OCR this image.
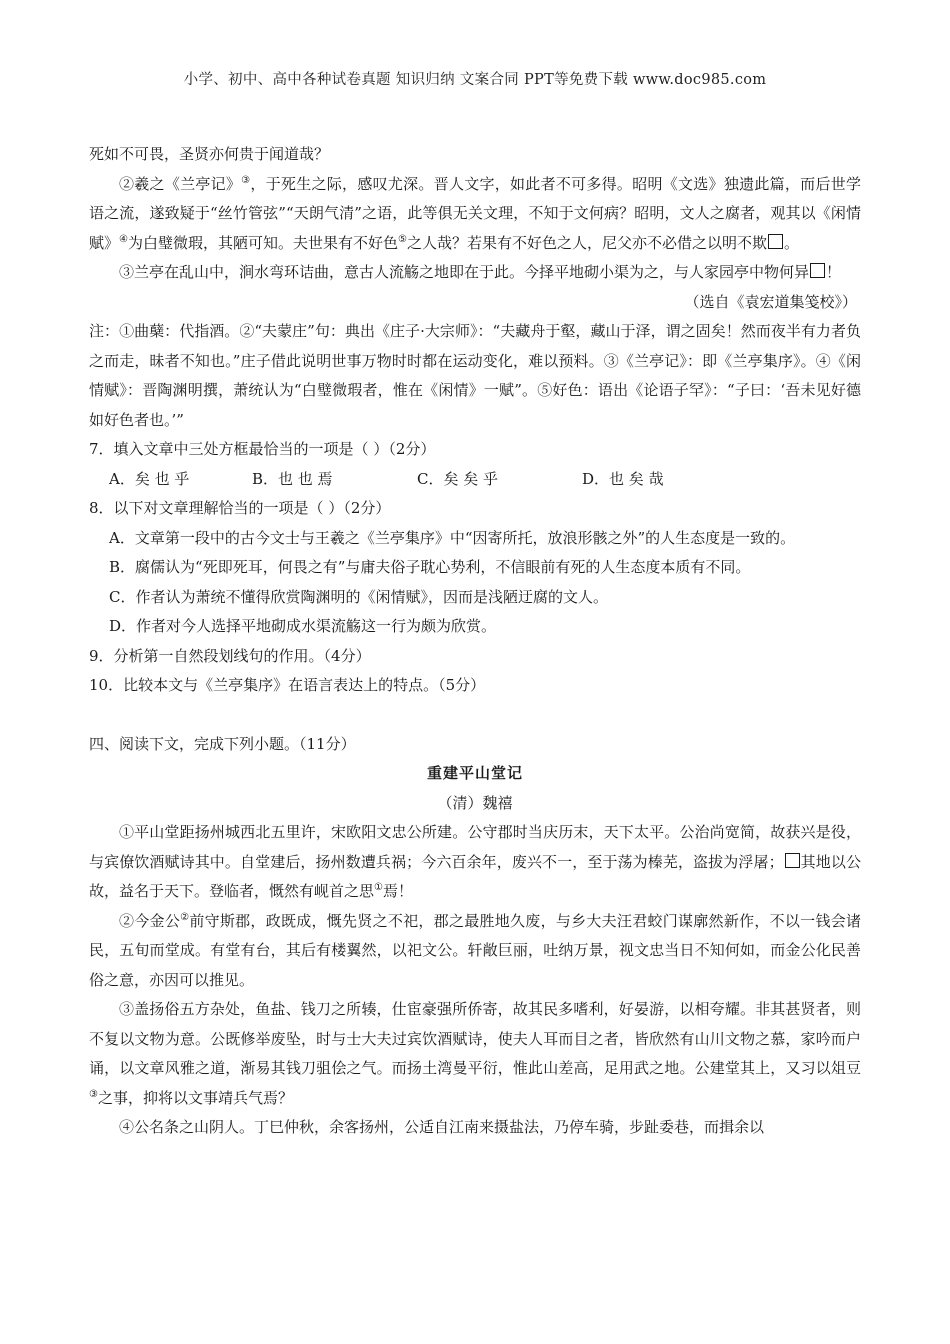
小学、初中、高中各种试卷真题 知识归纳 文案合同 PPT等免费下载 www.doc985.com

死如不可畏，圣贤亦何贵于闻道哉？

②羲之《兰亭记》③，于死生之际，感叹尤深。晋人文字，如此者不可多得。昭明《文选》独遗此篇，而后世学语之流，遂致疑于“丝竹管弦”“天朗气清”之语，此等俱无关文理，不知于文何病？昭明，文人之腐者，观其以《闲情赋》④为白璧微瑕，其陋可知。夫世果有不好色⑤之人哉？若果有不好色之人，尼父亦不必借之以明不欺 。

③兰亭在乱山中，涧水弯环诘曲，意古人流觞之地即在于此。今择平地砌小渠为之，与人家园亭中物何异 ！

（选自《袁宏道集笺校》）

注：①曲蘖：代指酒。②“夫蒙庄”句：典出《庄子·大宗师》：“夫藏舟于壑，藏山于泽，谓之固矣！然而夜半有力者负之而走，昧者不知也。”庄子借此说明世事万物时时都在运动变化，难以预料。③《兰亭记》：即《兰亭集序》。④《闲情赋》：晋陶渊明撰，萧统认为“白璧微瑕者，惟在《闲情》一赋”。⑤好色：语出《论语子罕》：“子曰：‘吾未见好德如好色者也。’”

7．填入文章中三处方框最恰当的一项是（ ）（2分）

A．矣 也 乎	B．也 也 焉	C．矣 矣 乎	D．也 矣 哉

8．以下对文章理解恰当的一项是（ ）（2分）

A．文章第一段中的古今文士与王羲之《兰亭集序》中“因寄所托，放浪形骸之外”的人生态度是一致的。

B．腐儒认为“死即死耳，何畏之有”与庸夫俗子耽心势利，不信眼前有死的人生态度本质有不同。

C．作者认为萧统不懂得欣赏陶渊明的《闲情赋》，因而是浅陋迂腐的文人。

D．作者对今人选择平地砌成水渠流觞这一行为颇为欣赏。

9．分析第一自然段划线句的作用。（4分）

10．比较本文与《兰亭集序》在语言表达上的特点。（5分）

四、阅读下文，完成下列小题。（11分）

重建平山堂记

（清）魏禧

①平山堂距扬州城西北五里许，宋欧阳文忠公所建。公守郡时当庆历末，天下太平。公治尚宽简，故获兴是役，与宾僚饮酒赋诗其中。自堂建后，扬州数遭兵祸；今六百余年，废兴不一，至于荡为榛芜，盗拔为浮屠； 其地以公故，益名于天下。登临者，慨然有岘首之思①焉！

②今金公②前守斯郡，政既成，慨先贤之不祀，郡之最胜地久废，与乡大夫汪君蛟门谋廓然新作，不以一钱会诸民，五旬而堂成。有堂有台，其后有楼翼然，以祀文公。轩敞巨丽，吐纳万景，视文忠当日不知何如，而金公化民善俗之意，亦因可以推见。

③盖扬俗五方杂处，鱼盐、钱刀之所辏，仕宦豪强所侨寄，故其民多嗜利，好晏游，以相夸耀。非其甚贤者，则不复以文物为意。公既修举废坠，时与士大夫过宾饮酒赋诗，使夫人耳而目之者，皆欣然有山川文物之慕，家吟而户诵，以文章风雅之道，渐易其钱刀驵侩之气。而扬土湾曼平衍，惟此山差高，足用武之地。公建堂其上，又习以俎豆③之事，抑将以文事靖兵气焉？

④公名条之山阴人。丁巳仲秋，余客扬州，公适自江南来摄盐法，乃停车骑，步趾委巷，而揖余以
